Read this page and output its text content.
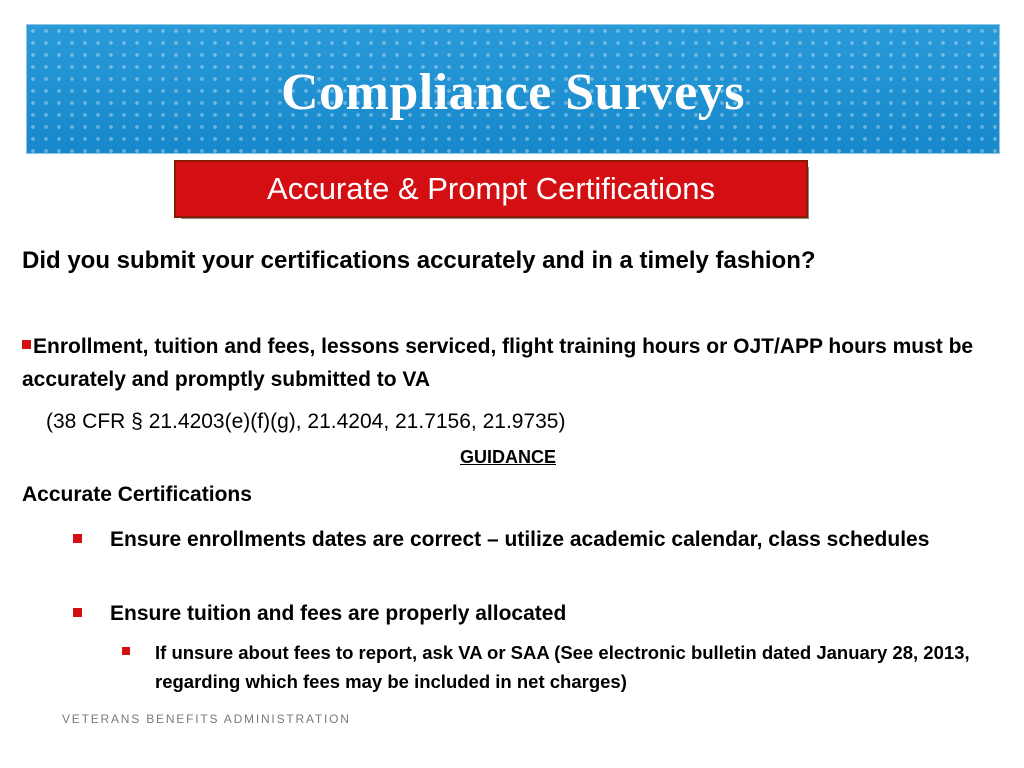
Compliance Surveys
Accurate & Prompt Certifications
Did you submit your certifications accurately and in a timely fashion?
Enrollment, tuition and fees, lessons serviced, flight training hours or OJT/APP hours must be accurately and promptly submitted to VA
(38 CFR § 21.4203(e)(f)(g), 21.4204, 21.7156, 21.9735)
GUIDANCE
Accurate Certifications
Ensure enrollments dates are correct – utilize academic calendar, class schedules
Ensure tuition and fees are properly allocated
If unsure about fees to report, ask VA or SAA (See electronic bulletin dated January 28, 2013, regarding which fees may be included in net charges)
VETERANS BENEFITS ADMINISTRATION
